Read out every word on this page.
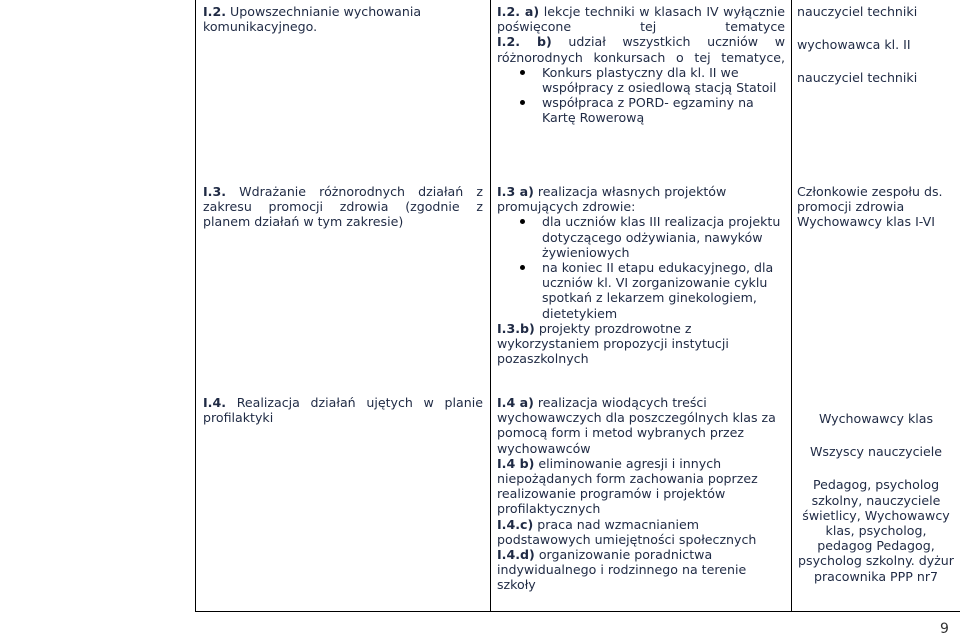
I.2. Upowszechnianie wychowania komunikacyjnego.

I.2. a) lekcje techniki w klasach IV wyłącznie poświęcone tej tematyce

I.2. b) udział wszystkich uczniów w różnorodnych konkursach o tej tematyce,

Konkurs plastyczny dla kl. II we współpracy z osiedlową stacją Statoil

współpraca z PORD- egzaminy na Kartę Rowerową

nauczyciel techniki

wychowawca kl. II

nauczyciel techniki

I.3. Wdrażanie różnorodnych działań z zakresu promocji zdrowia (zgodnie z planem działań w tym zakresie)

I.3 a) realizacja własnych projektów promujących zdrowie:

dla uczniów klas III realizacja projektu dotyczącego odżywiania, nawyków żywieniowych

na koniec II etapu edukacyjnego, dla uczniów kl. VI zorganizowanie cyklu spotkań z lekarzem ginekologiem, dietetykiem

I.3.b) projekty prozdrowotne z wykorzystaniem propozycji instytucji pozaszkolnych

Członkowie zespołu ds. promocji zdrowia

Wychowawcy klas I-VI

I.4. Realizacja działań ujętych w planie profilaktyki

I.4 a) realizacja wiodących treści wychowawczych dla poszczególnych klas za pomocą form i metod wybranych przez wychowawców

I.4 b) eliminowanie agresji i innych niepożądanych form zachowania poprzez realizowanie programów i projektów profilaktycznych

I.4.c) praca nad wzmacnianiem podstawowych umiejętności społecznych

I.4.d) organizowanie poradnictwa indywidualnego i rodzinnego na terenie szkoły

Wychowawcy klas

Wszyscy nauczyciele

Pedagog, psycholog szkolny, nauczyciele świetlicy, Wychowawcy klas, psycholog, pedagog Pedagog, psycholog szkolny. dyżur pracownika PPP nr7

9
